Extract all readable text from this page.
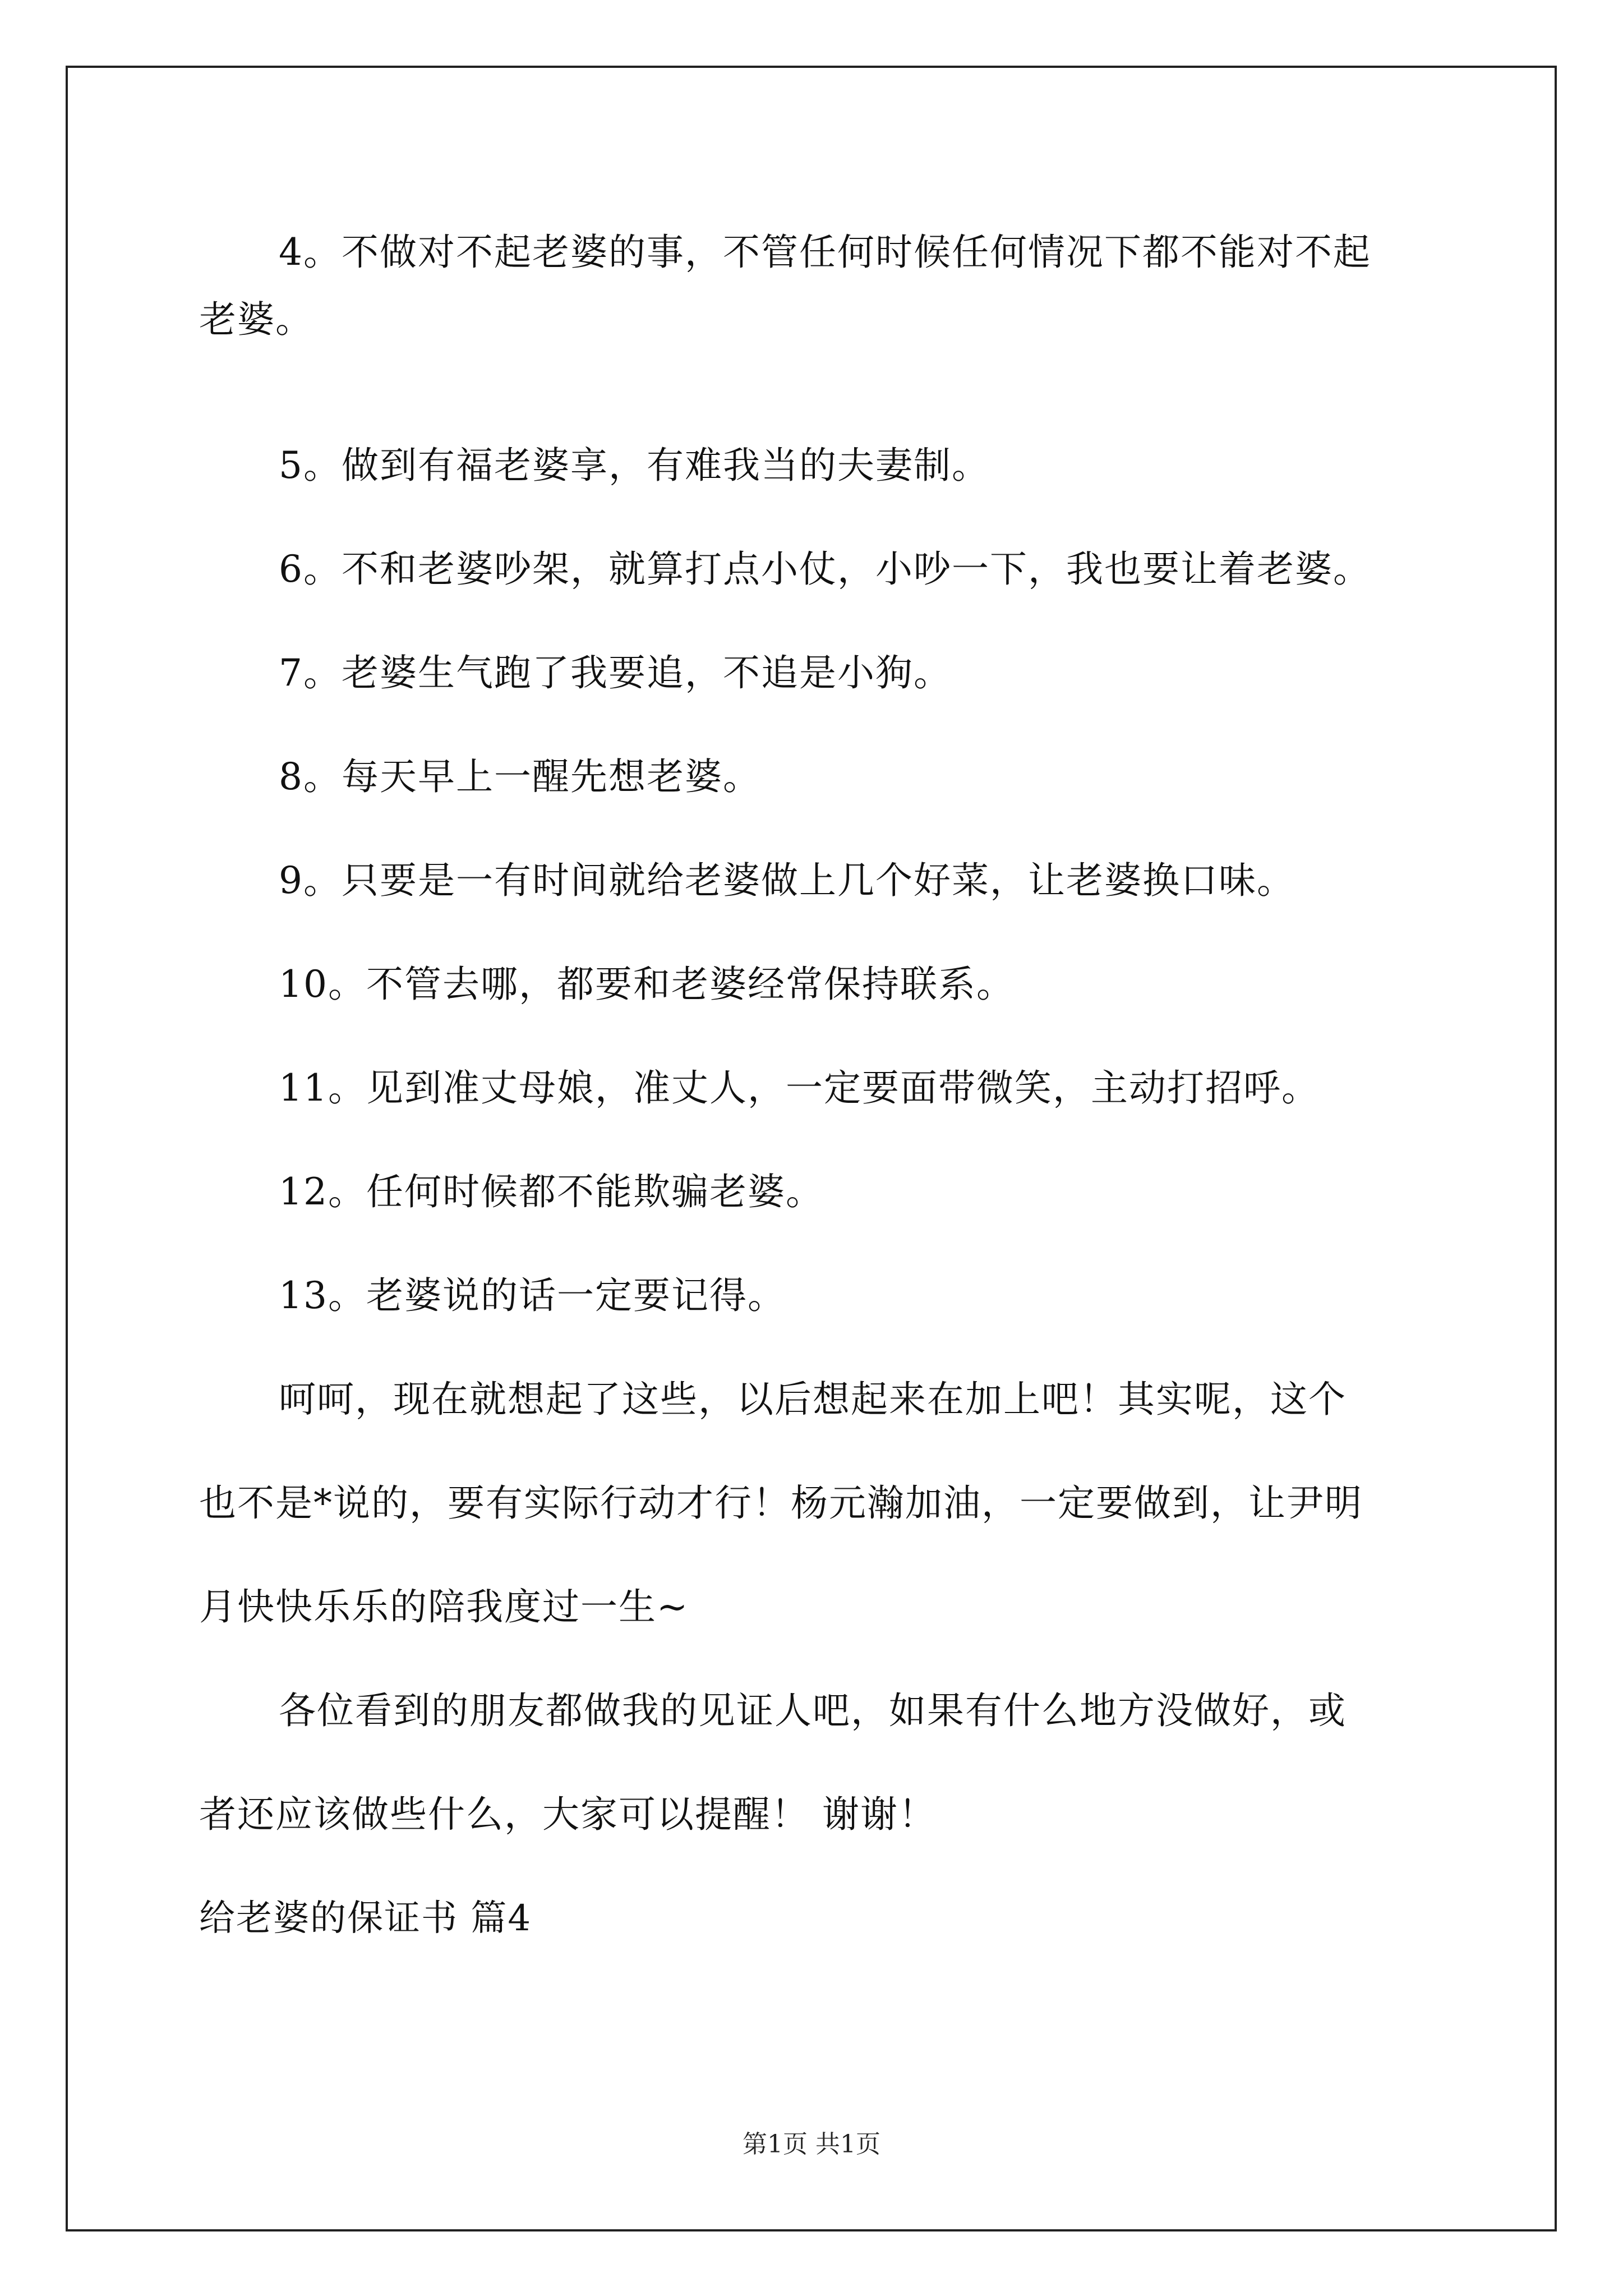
4。不做对不起老婆的事，不管任何时候任何情况下都不能对不起
老婆。
5。做到有福老婆享，有难我当的夫妻制。
6。不和老婆吵架，就算打点小仗，小吵一下，我也要让着老婆。
7。老婆生气跑了我要追，不追是小狗。
8。每天早上一醒先想老婆。
9。只要是一有时间就给老婆做上几个好菜，让老婆换口味。
10。不管去哪，都要和老婆经常保持联系。
11。见到准丈母娘，准丈人，一定要面带微笑，主动打招呼。
12。任何时候都不能欺骗老婆。
13。老婆说的话一定要记得。
呵呵，现在就想起了这些，以后想起来在加上吧！其实呢，这个
也不是*说的，要有实际行动才行！杨元瀚加油，一定要做到，让尹明
月快快乐乐的陪我度过一生~
各位看到的朋友都做我的见证人吧，如果有什么地方没做好，或
者还应该做些什么，大家可以提醒！ 谢谢！
给老婆的保证书 篇4
第1页 共1页
